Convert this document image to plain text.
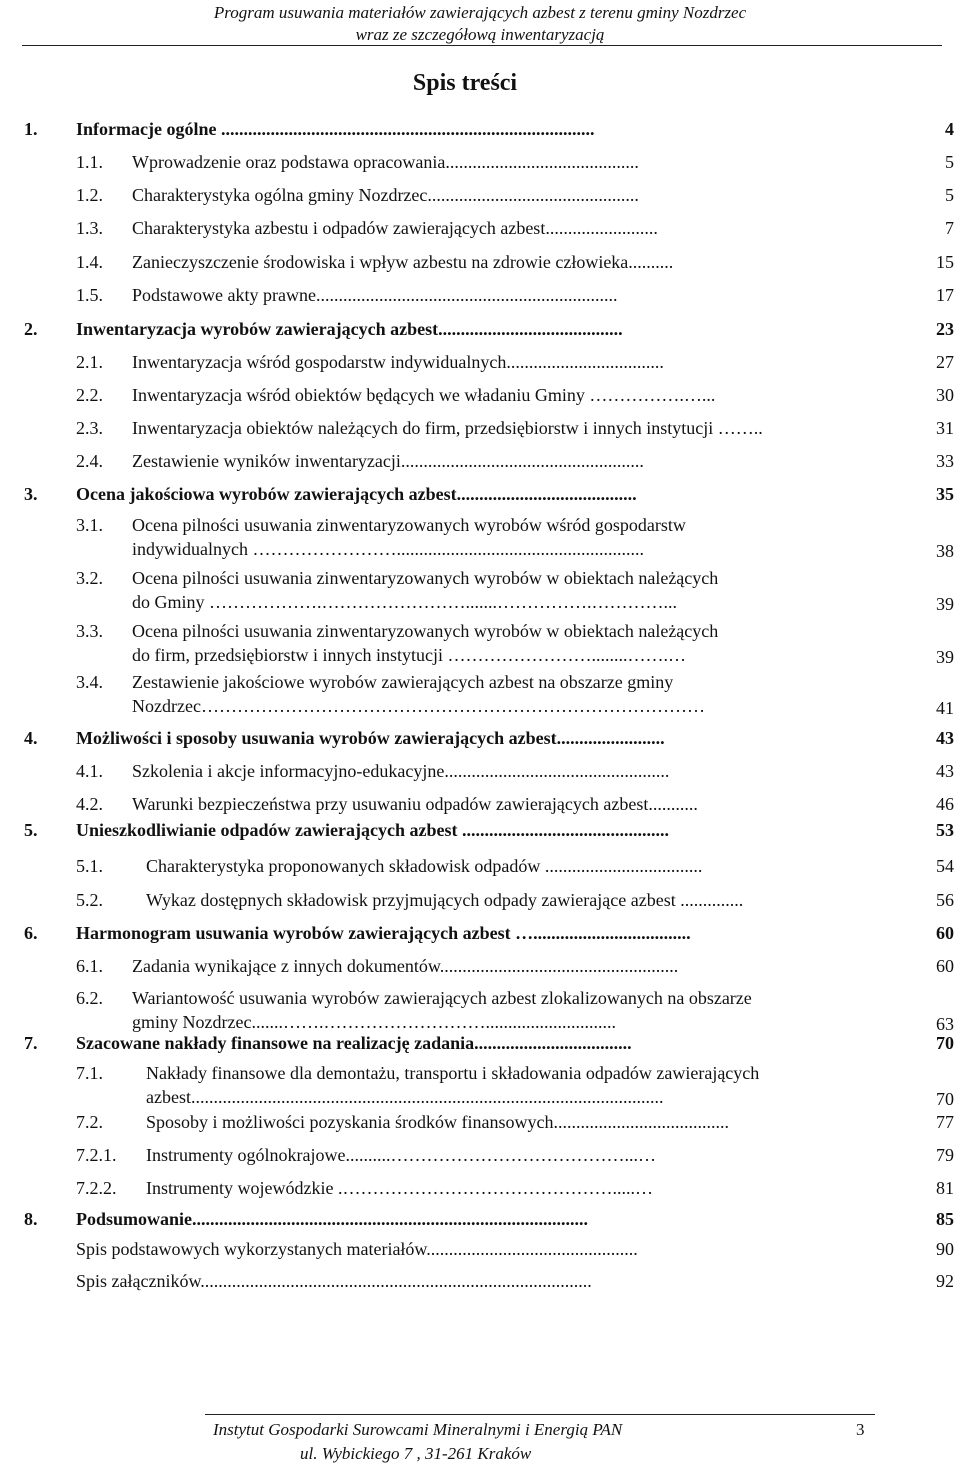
Program usuwania materiałów zawierających azbest z terenu gminy Nozdrzec
wraz ze szczegółową inwentaryzacją
Spis treści
1. Informacje ogólne ...................................................................................	4
1.1. Wprowadzenie oraz podstawa opracowania...........................................	5
1.2. Charakterystyka ogólna gminy Nozdrzec...............................................	5
1.3. Charakterystyka azbestu i odpadów zawierających azbest.........................	7
1.4. Zanieczyszczenie środowiska i wpływ azbestu na zdrowie człowieka..........	15
1.5. Podstawowe akty prawne...................................................................	17
2. Inwentaryzacja wyrobów zawierających azbest.........................................	23
2.1. Inwentaryzacja wśród gospodarstw indywidualnych...................................	27
2.2. Inwentaryzacja wśród obiektów będących we władaniu Gminy …………….…...	30
2.3. Inwentaryzacja obiektów należących do firm, przedsiębiorstw i innych instytucji ……..	31
2.4. Zestawienie wyników inwentaryzacji......................................................	33
3. Ocena jakościowa wyrobów zawierających azbest........................................	35
3.1. Ocena pilności usuwania zinwentaryzowanych wyrobów wśród gospodarstw
indywidualnych …………………….......................................................	38
3.2. Ocena pilności usuwania zinwentaryzowanych wyrobów w obiektach należących
do Gminy ……………….…………………….......…………….…………...	39
3.3. Ocena pilności usuwania zinwentaryzowanych wyrobów w obiektach należących
do firm, przedsiębiorstw i innych instytucji ……………………........…….…	39
3.4. Zestawienie jakościowe wyrobów zawierających azbest na obszarze gminy
Nozdrzec…………………………………………………………………………	41
4. Możliwości i sposoby usuwania wyrobów zawierających azbest........................	43
4.1. Szkolenia i akcje informacyjno-edukacyjne..................................................	43
4.2. Warunki bezpieczeństwa przy usuwaniu odpadów zawierających azbest...........	46
5. Unieszkodliwianie odpadów zawierających azbest ..............................................	53
5.1. Charakterystyka proponowanych składowisk odpadów ...................................	54
5.2. Wykaz dostępnych składowisk przyjmujących odpady zawierające azbest ..............	56
6. Harmonogram usuwania wyrobów zawierających azbest …...................................	60
6.1. Zadania wynikające z innych dokumentów.....................................................	60
6.2. Wariantowość usuwania wyrobów zawierających azbest zlokalizowanych na obszarze
gminy Nozdrzec.......…….……………………….............................	63
7. Szacowane nakłady finansowe na realizację zadania...................................	70
7.1. Nakłady finansowe dla demontażu, transportu i składowania odpadów zawierających
azbest.........................................................................................................	70
7.2. Sposoby i możliwości pozyskania środków finansowych.......................................	77
7.2.1. Instrumenty ogólnokrajowe..........…………………………………...…	79
7.2.2. Instrumenty wojewódzkie .……………………………………….....…	81
8. Podsumowanie........................................................................................	85
Spis podstawowych wykorzystanych materiałów...............................................	90
Spis załączników.......................................................................................	92
Instytut Gospodarki Surowcami Mineralnymi i Energią PAN
ul. Wybickiego 7 , 31-261 Kraków
3
